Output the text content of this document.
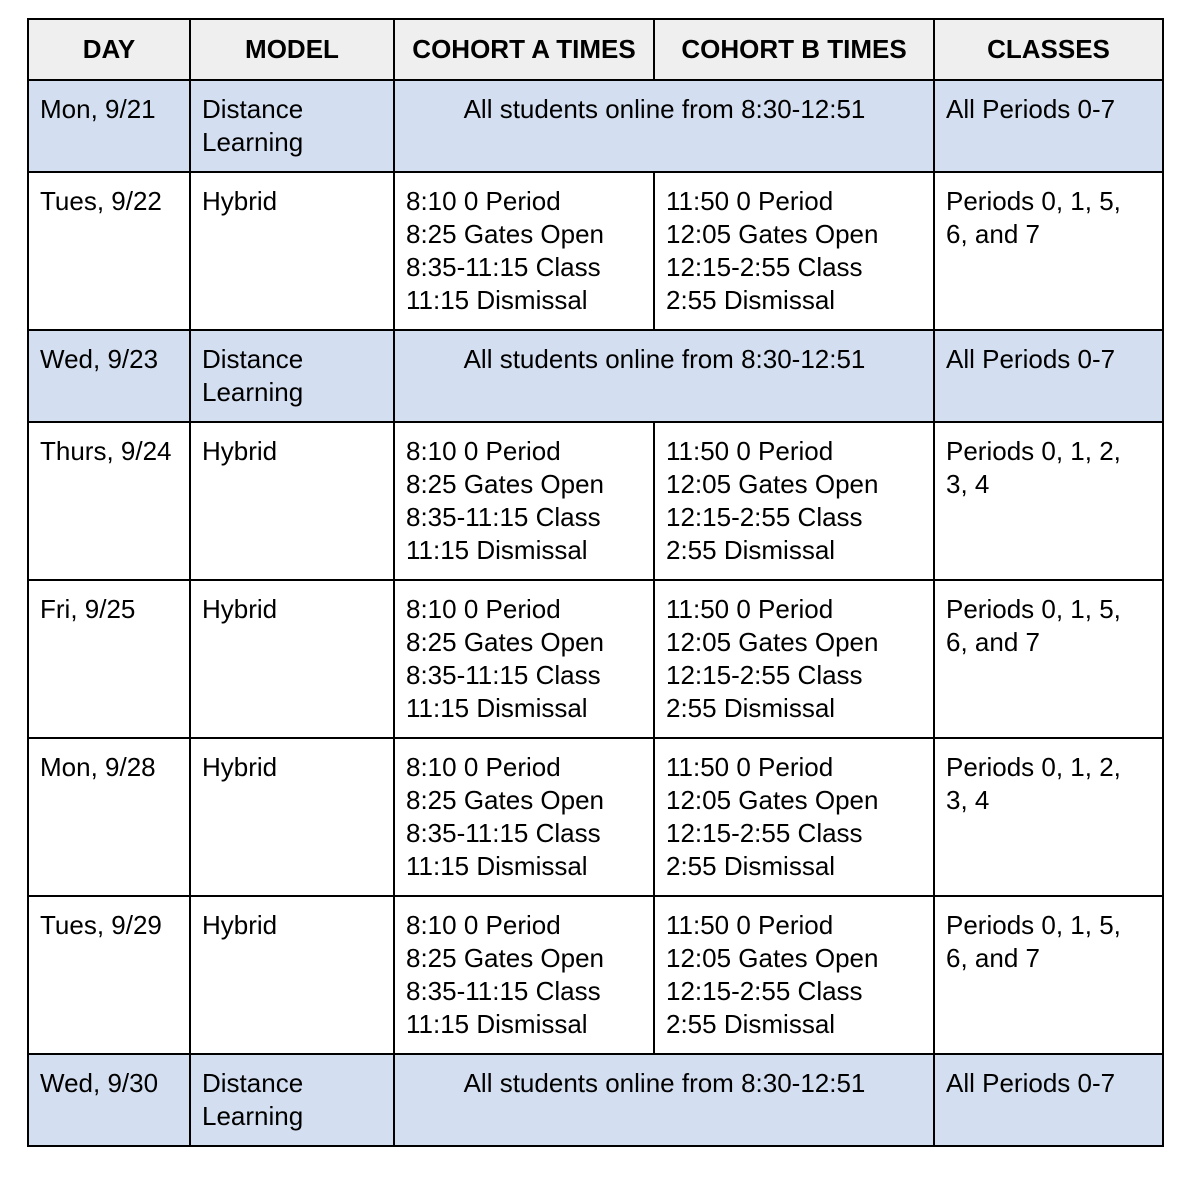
DAY	MODEL	COHORT A TIMES	COHORT B TIMES	CLASSES
Mon, 9/21	Distance
Learning	All students online from 8:30-12:51		All Periods 0-7
Tues, 9/22	Hybrid	8:10 0 Period
8:25 Gates Open
8:35-11:15 Class
11:15 Dismissal	11:50 0 Period
12:05 Gates Open
12:15-2:55 Class
2:55 Dismissal	Periods 0, 1, 5,
6, and 7
Wed, 9/23	Distance
Learning	All students online from 8:30-12:51		All Periods 0-7
Thurs, 9/24	Hybrid	8:10 0 Period
8:25 Gates Open
8:35-11:15 Class
11:15 Dismissal	11:50 0 Period
12:05 Gates Open
12:15-2:55 Class
2:55 Dismissal	Periods 0, 1, 2,
3, 4
Fri, 9/25	Hybrid	8:10 0 Period
8:25 Gates Open
8:35-11:15 Class
11:15 Dismissal	11:50 0 Period
12:05 Gates Open
12:15-2:55 Class
2:55 Dismissal	Periods 0, 1, 5,
6, and 7
Mon, 9/28	Hybrid	8:10 0 Period
8:25 Gates Open
8:35-11:15 Class
11:15 Dismissal	11:50 0 Period
12:05 Gates Open
12:15-2:55 Class
2:55 Dismissal	Periods 0, 1, 2,
3, 4
Tues, 9/29	Hybrid	8:10 0 Period
8:25 Gates Open
8:35-11:15 Class
11:15 Dismissal	11:50 0 Period
12:05 Gates Open
12:15-2:55 Class
2:55 Dismissal	Periods 0, 1, 5,
6, and 7
Wed, 9/30	Distance
Learning	All students online from 8:30-12:51		All Periods 0-7
